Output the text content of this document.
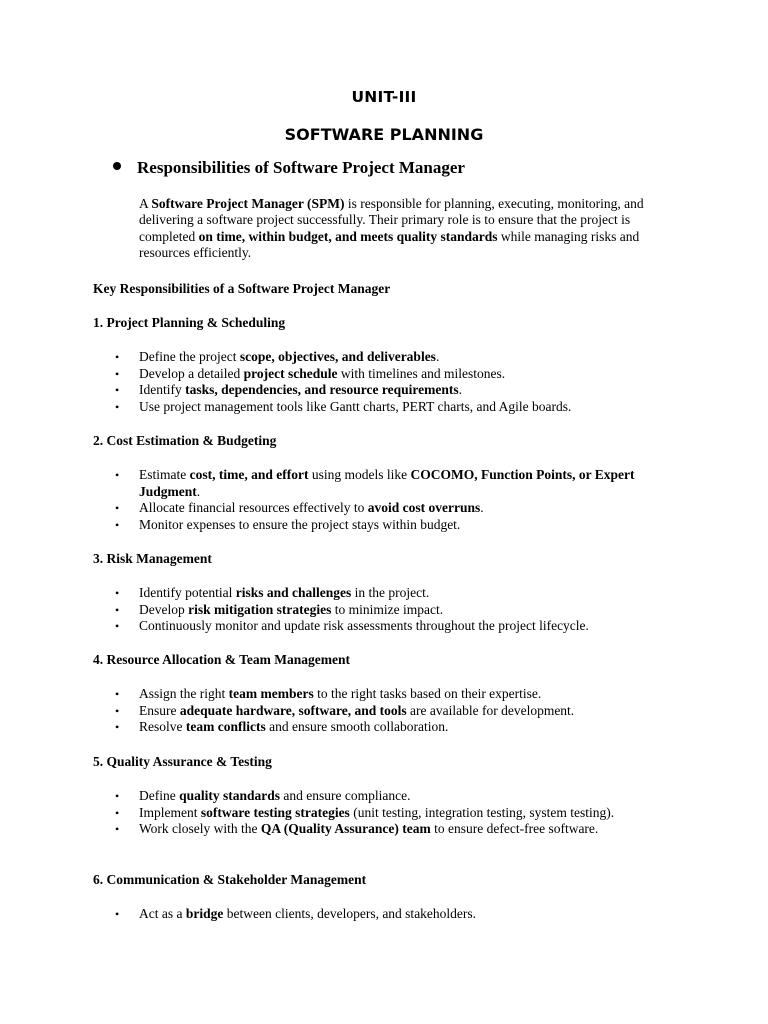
UNIT-III
SOFTWARE PLANNING
Responsibilities of Software Project Manager
A Software Project Manager (SPM) is responsible for planning, executing, monitoring, and delivering a software project successfully. Their primary role is to ensure that the project is completed on time, within budget, and meets quality standards while managing risks and resources efficiently.
Key Responsibilities of a Software Project Manager
1. Project Planning & Scheduling
• Define the project scope, objectives, and deliverables.
• Develop a detailed project schedule with timelines and milestones.
• Identify tasks, dependencies, and resource requirements.
• Use project management tools like Gantt charts, PERT charts, and Agile boards.
2. Cost Estimation & Budgeting
• Estimate cost, time, and effort using models like COCOMO, Function Points, or Expert Judgment.
• Allocate financial resources effectively to avoid cost overruns.
• Monitor expenses to ensure the project stays within budget.
3. Risk Management
• Identify potential risks and challenges in the project.
• Develop risk mitigation strategies to minimize impact.
• Continuously monitor and update risk assessments throughout the project lifecycle.
4. Resource Allocation & Team Management
• Assign the right team members to the right tasks based on their expertise.
• Ensure adequate hardware, software, and tools are available for development.
• Resolve team conflicts and ensure smooth collaboration.
5. Quality Assurance & Testing
• Define quality standards and ensure compliance.
• Implement software testing strategies (unit testing, integration testing, system testing).
• Work closely with the QA (Quality Assurance) team to ensure defect-free software.
6. Communication & Stakeholder Management
• Act as a bridge between clients, developers, and stakeholders.
